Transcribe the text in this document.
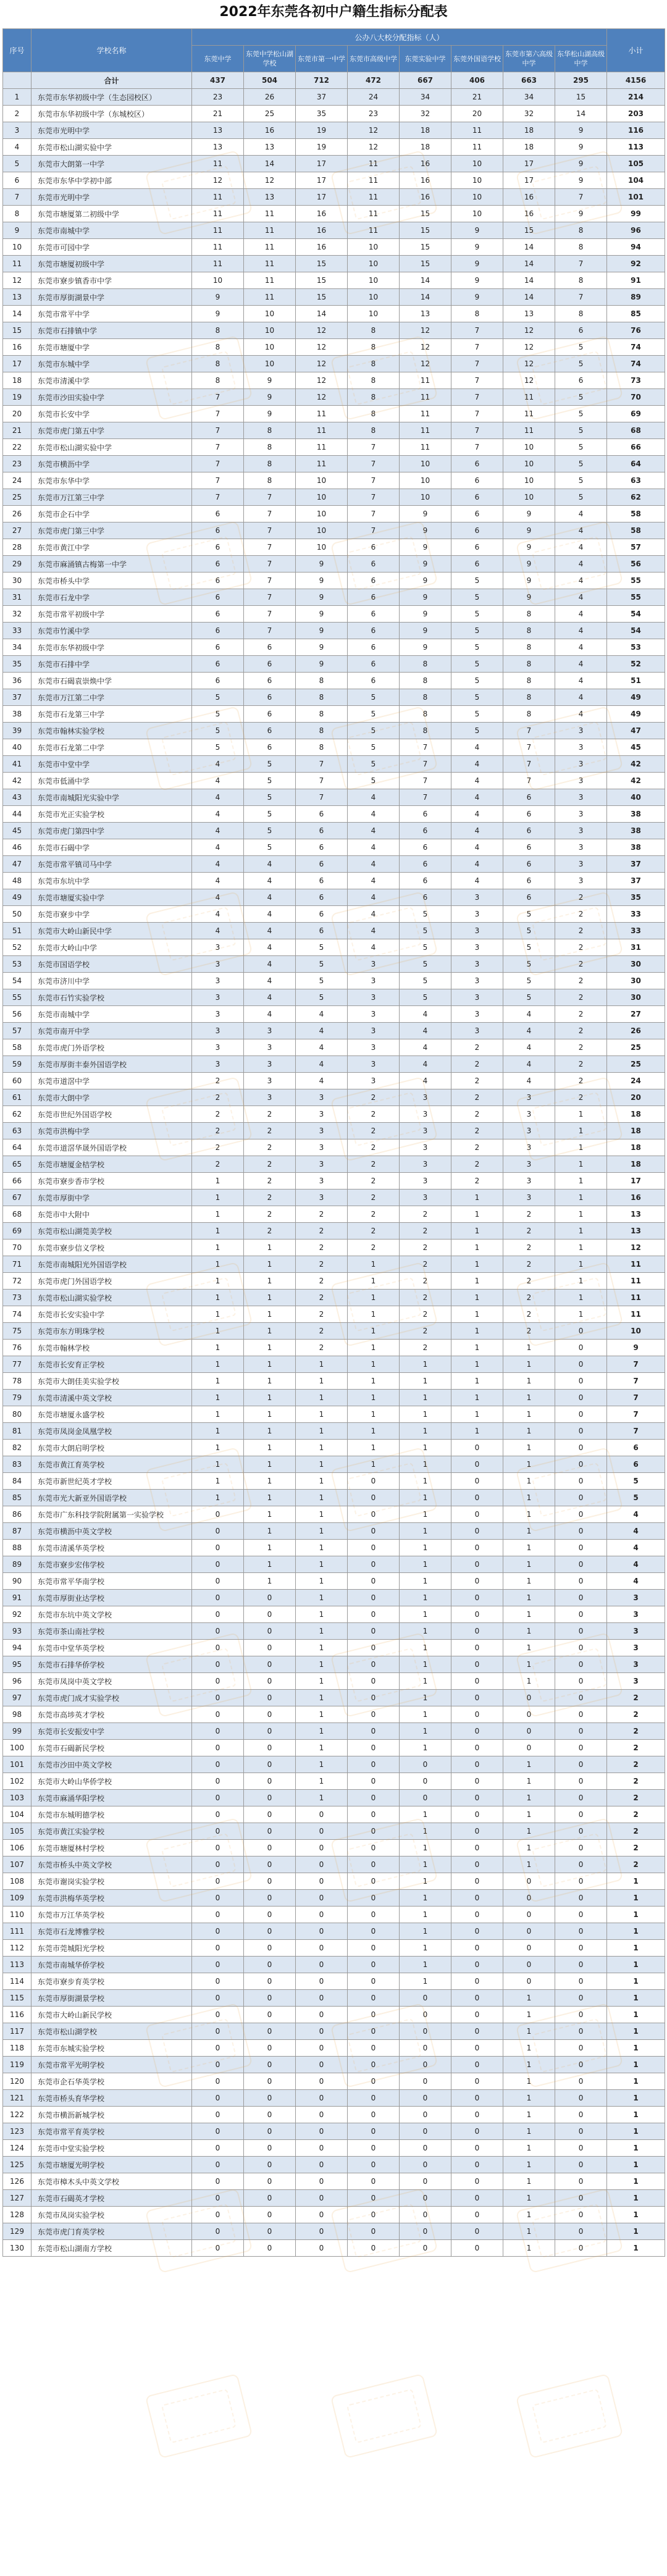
2022年东莞各初中户籍生指标分配表
序号	学校名称	公办八大校分配指标（人）								小计
		东莞中学	东莞中学松山湖学校	东莞市第一中学	东莞市高级中学	东莞实验中学	东莞外国语学校	东莞市第六高级中学	东华松山湖高级中学	
	合计	437	504	712	472	667	406	663	295	4156
1	东莞市东华初级中学（生态园校区）	23	26	37	24	34	21	34	15	214
2	东莞市东华初级中学（东城校区）	21	25	35	23	32	20	32	14	203
3	东莞市光明中学	13	16	19	12	18	11	18	9	116
4	东莞市松山湖实验中学	13	13	19	12	18	11	18	9	113
5	东莞市大朗第一中学	11	14	17	11	16	10	17	9	105
6	东莞市东华中学初中部	12	12	17	11	16	10	17	9	104
7	东莞市光明中学	11	13	17	11	16	10	16	7	101
8	东莞市塘厦第二初级中学	11	11	16	11	15	10	16	9	99
9	东莞市南城中学	11	11	16	11	15	9	15	8	96
10	东莞市可园中学	11	11	16	10	15	9	14	8	94
11	东莞市塘厦初级中学	11	11	15	10	15	9	14	7	92
12	东莞市寮步镇香市中学	10	11	15	10	14	9	14	8	91
13	东莞市厚街湖景中学	9	11	15	10	14	9	14	7	89
14	东莞市常平中学	9	10	14	10	13	8	13	8	85
15	东莞市石排镇中学	8	10	12	8	12	7	12	6	76
16	东莞市塘厦中学	8	10	12	8	12	7	12	5	74
17	东莞市东城中学	8	10	12	8	12	7	12	5	74
18	东莞市清溪中学	8	9	12	8	11	7	12	6	73
19	东莞市沙田实验中学	7	9	12	8	11	7	11	5	70
20	东莞市长安中学	7	9	11	8	11	7	11	5	69
21	东莞市虎门第五中学	7	8	11	8	11	7	11	5	68
22	东莞市松山湖实验中学	7	8	11	7	11	7	10	5	66
23	东莞市横沥中学	7	8	11	7	10	6	10	5	64
24	东莞市东华中学	7	8	10	7	10	6	10	5	63
25	东莞市万江第三中学	7	7	10	7	10	6	10	5	62
26	东莞市企石中学	6	7	10	7	9	6	9	4	58
27	东莞市虎门第三中学	6	7	10	7	9	6	9	4	58
28	东莞市黄江中学	6	7	10	6	9	6	9	4	57
29	东莞市麻涌镇古梅第一中学	6	7	9	6	9	6	9	4	56
30	东莞市桥头中学	6	7	9	6	9	5	9	4	55
31	东莞市石龙中学	6	7	9	6	9	5	9	4	55
32	东莞市常平初级中学	6	7	9	6	9	5	8	4	54
33	东莞市竹溪中学	6	7	9	6	9	5	8	4	54
34	东莞市东华初级中学	6	6	9	6	9	5	8	4	53
35	东莞市石排中学	6	6	9	6	8	5	8	4	52
36	东莞市石碣袁崇焕中学	6	6	8	6	8	5	8	4	51
37	东莞市万江第二中学	5	6	8	5	8	5	8	4	49
38	东莞市石龙第三中学	5	6	8	5	8	5	8	4	49
39	东莞市翰林实验学校	5	6	8	5	8	5	7	3	47
40	东莞市石龙第二中学	5	6	8	5	7	4	7	3	45
41	东莞市中堂中学	4	5	7	5	7	4	7	3	42
42	东莞市低涌中学	4	5	7	5	7	4	7	3	42
43	东莞市南城阳光实验中学	4	5	7	4	7	4	6	3	40
44	东莞市光正实验学校	4	5	6	4	6	4	6	3	38
45	东莞市虎门第四中学	4	5	6	4	6	4	6	3	38
46	东莞市石碣中学	4	5	6	4	6	4	6	3	38
47	东莞市常平镇司马中学	4	4	6	4	6	4	6	3	37
48	东莞市东坑中学	4	4	6	4	6	4	6	3	37
49	东莞市塘厦实验中学	4	4	6	4	6	3	6	2	35
50	东莞市寮步中学	4	4	6	4	5	3	5	2	33
51	东莞市大岭山新民中学	4	4	6	4	5	3	5	2	33
52	东莞市大岭山中学	3	4	5	4	5	3	5	2	31
53	东莞市国语学校	3	4	5	3	5	3	5	2	30
54	东莞市济川中学	3	4	5	3	5	3	5	2	30
55	东莞市石竹实验学校	3	4	5	3	5	3	5	2	30
56	东莞市南城中学	3	4	4	3	4	3	4	2	27
57	东莞市南开中学	3	3	4	3	4	3	4	2	26
58	东莞市虎门外语学校	3	3	4	3	4	2	4	2	25
59	东莞市厚街丰泰外国语学校	3	3	4	3	4	2	4	2	25
60	东莞市道滘中学	2	3	4	3	4	2	4	2	24
61	东莞市大朗中学	2	3	3	2	3	2	3	2	20
62	东莞市世纪外国语学校	2	2	3	2	3	2	3	1	18
63	东莞市洪梅中学	2	2	3	2	3	2	3	1	18
64	东莞市道滘华晟外国语学校	2	2	3	2	3	2	3	1	18
65	东莞市塘厦金桔学校	2	2	3	2	3	2	3	1	18
66	东莞市寮步香市学校	1	2	3	2	3	2	3	1	17
67	东莞市厚街中学	1	2	3	2	3	1	3	1	16
68	东莞市中大附中	1	2	2	2	2	1	2	1	13
69	东莞市松山湖莞美学校	1	2	2	2	2	1	2	1	13
70	东莞市寮步信义学校	1	1	2	2	2	1	2	1	12
71	东莞市南城阳光外国语学校	1	1	2	1	2	1	2	1	11
72	东莞市虎门外国语学校	1	1	2	1	2	1	2	1	11
73	东莞市松山湖实验学校	1	1	2	1	2	1	2	1	11
74	东莞市长安实验中学	1	1	2	1	2	1	2	1	11
75	东莞市东方明珠学校	1	1	2	1	2	1	2	0	10
76	东莞市翰林学校	1	1	2	1	2	1	1	0	9
77	东莞市长安育正学校	1	1	1	1	1	1	1	0	7
78	东莞市大朗佳美实验学校	1	1	1	1	1	1	1	0	7
79	东莞市清溪中英文学校	1	1	1	1	1	1	1	0	7
80	东莞市塘厦永盛学校	1	1	1	1	1	1	1	0	7
81	东莞市凤岗金凤凰学校	1	1	1	1	1	1	1	0	7
82	东莞市大朗启明学校	1	1	1	1	1	0	1	0	6
83	东莞市黄江育英学校	1	1	1	1	1	0	1	0	6
84	东莞市新世纪英才学校	1	1	1	0	1	0	1	0	5
85	东莞市光大新亚外国语学校	1	1	1	0	1	0	1	0	5
86	东莞市广东科技学院附属第一实验学校	0	1	1	0	1	0	1	0	4
87	东莞市横沥中英文学校	0	1	1	0	1	0	1	0	4
88	东莞市清溪华英学校	0	1	1	0	1	0	1	0	4
89	东莞市寮步宏伟学校	0	1	1	0	1	0	1	0	4
90	东莞市常平华南学校	0	1	1	0	1	0	1	0	4
91	东莞市厚街业达学校	0	0	1	0	1	0	1	0	3
92	东莞市东坑中英文学校	0	0	1	0	1	0	1	0	3
93	东莞市茶山南社学校	0	0	1	0	1	0	1	0	3
94	东莞市中堂华英学校	0	0	1	0	1	0	1	0	3
95	东莞市石排华侨学校	0	0	1	0	1	0	1	0	3
96	东莞市凤岗中英文学校	0	0	1	0	1	0	1	0	3
97	东莞市虎门成才实验学校	0	0	1	0	1	0	0	0	2
98	东莞市高埗英才学校	0	0	1	0	1	0	0	0	2
99	东莞市长安振安中学	0	0	1	0	1	0	0	0	2
100	东莞市石碣新民学校	0	0	1	0	1	0	0	0	2
101	东莞市沙田中英文学校	0	0	1	0	0	0	1	0	2
102	东莞市大岭山华侨学校	0	0	1	0	0	0	1	0	2
103	东莞市麻涌华阳学校	0	0	1	0	0	0	1	0	2
104	东莞市东城明德学校	0	0	0	0	1	0	1	0	2
105	东莞市黄江实验学校	0	0	0	0	1	0	1	0	2
106	东莞市塘厦林村学校	0	0	0	0	1	0	1	0	2
107	东莞市桥头中英文学校	0	0	0	0	1	0	1	0	2
108	东莞市谢岗实验学校	0	0	0	0	1	0	0	0	1
109	东莞市洪梅华英学校	0	0	0	0	1	0	0	0	1
110	东莞市万江华英学校	0	0	0	0	1	0	0	0	1
111	东莞市石龙博雅学校	0	0	0	0	1	0	0	0	1
112	东莞市莞城阳光学校	0	0	0	0	1	0	0	0	1
113	东莞市南城华侨学校	0	0	0	0	1	0	0	0	1
114	东莞市寮步育英学校	0	0	0	0	1	0	0	0	1
115	东莞市厚街湖景学校	0	0	0	0	0	0	1	0	1
116	东莞市大岭山新民学校	0	0	0	0	0	0	1	0	1
117	东莞市松山湖学校	0	0	0	0	0	0	1	0	1
118	东莞市东城实验学校	0	0	0	0	0	0	1	0	1
119	东莞市常平光明学校	0	0	0	0	0	0	1	0	1
120	东莞市企石华英学校	0	0	0	0	0	0	1	0	1
121	东莞市桥头育华学校	0	0	0	0	0	0	1	0	1
122	东莞市横沥新城学校	0	0	0	0	0	0	1	0	1
123	东莞市常平育英学校	0	0	0	0	0	0	1	0	1
124	东莞市中堂实验学校	0	0	0	0	0	0	1	0	1
125	东莞市塘厦光明学校	0	0	0	0	0	0	1	0	1
126	东莞市樟木头中英文学校	0	0	0	0	0	0	1	0	1
127	东莞市石碣英才学校	0	0	0	0	0	0	1	0	1
128	东莞市凤岗实验学校	0	0	0	0	0	0	1	0	1
129	东莞市虎门育英学校	0	0	0	0	0	0	1	0	1
130	东莞市松山湖南方学校	0	0	0	0	0	0	1	0	1
